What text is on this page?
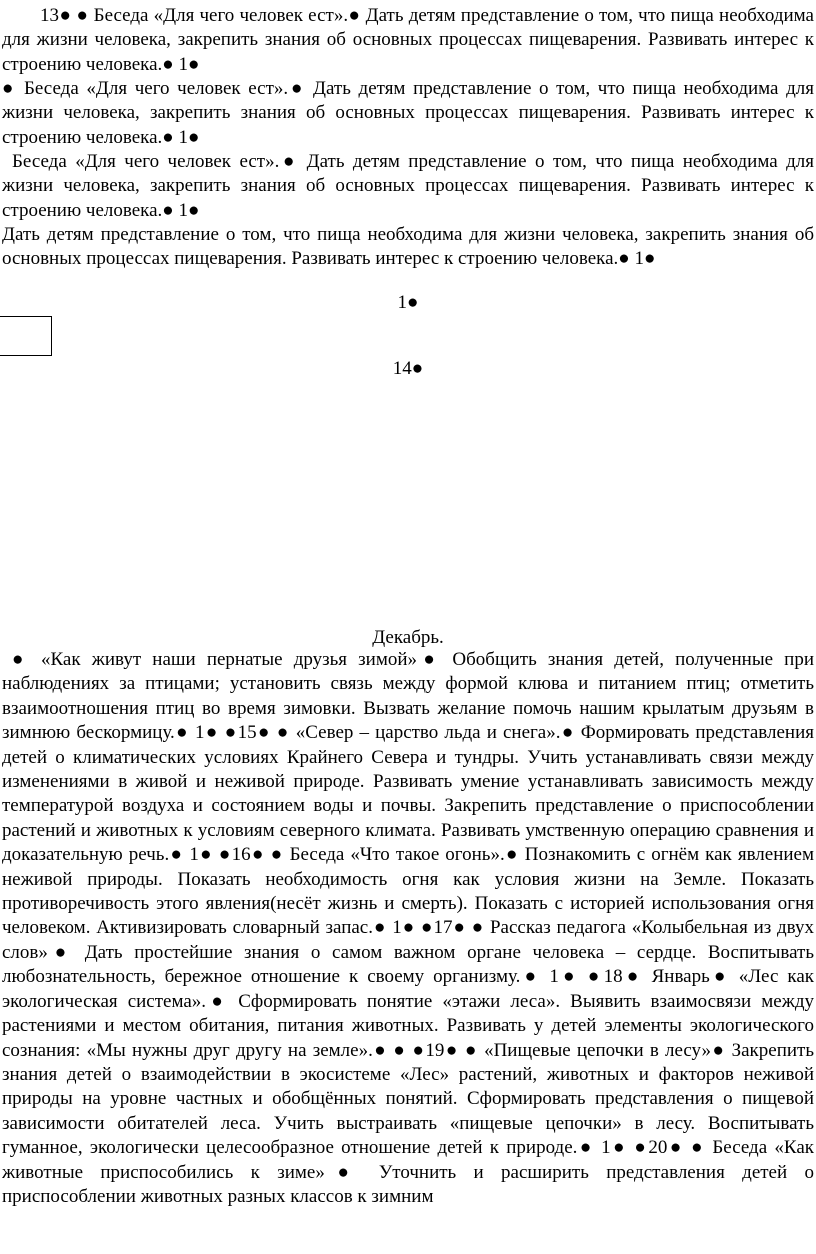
13● ● Беседа «Для чего человек ест».● Дать детям представление о том, что пища необходима для жизни человека, закрепить знания об основных процессах пищеварения. Развивать интерес к строению человека.● 1●

● Беседа «Для чего человек ест».● Дать детям представление о том, что пища необходима для жизни человека, закрепить знания об основных процессах пищеварения. Развивать интерес к строению человека.● 1●

Беседа «Для чего человек ест».● Дать детям представление о том, что пища необходима для жизни человека, закрепить знания об основных процессах пищеварения. Развивать интерес к строению человека.● 1●

Дать детям представление о том, что пища необходима для жизни человека, закрепить знания об основных процессах пищеварения. Развивать интерес к строению человека.● 1●

1●
14●
Декабрь.

● «Как живут наши пернатые друзья зимой»● Обобщить знания детей, полученные при наблюдениях за птицами; установить связь между формой клюва и питанием птиц; отметить взаимоотношения птиц во время зимовки. Вызвать желание помочь нашим крылатым друзьям в зимнюю бескормицу.● 1● ●15● ● «Север – царство льда и снега».● Формировать представления детей о климатических условиях Крайнего Севера и тундры. Учить устанавливать связи между изменениями в живой и неживой природе. Развивать умение устанавливать зависимость между температурой воздуха и состоянием воды и почвы. Закрепить представление о приспособлении растений и животных к условиям северного климата. Развивать умственную операцию сравнения и доказательную речь.● 1● ●16● ● Беседа «Что такое огонь».● Познакомить с огнём как явлением неживой природы. Показать необходимость огня как условия жизни на Земле. Показать противоречивость этого явления(несёт жизнь и смерть). Показать с историей использования огня человеком. Активизировать словарный запас.● 1● ●17● ● Рассказ педагога «Колыбельная из двух слов»● Дать простейшие знания о самом важном органе человека – сердце. Воспитывать любознательность, бережное отношение к своему организму.● 1● ●18● Январь● «Лес как экологическая система».● Сформировать понятие «этажи леса». Выявить взаимосвязи между растениями и местом обитания, питания животных. Развивать у детей элементы экологического сознания: «Мы нужны друг другу на земле».● ● ●19● ● «Пищевые цепочки в лесу»● Закрепить знания детей о взаимодействии в экосистеме «Лес» растений, животных и факторов неживой природы на уровне частных и обобщённых понятий. Сформировать представления о пищевой зависимости обитателей леса. Учить выстраивать «пищевые цепочки» в лесу. Воспитывать гуманное, экологически целесообразное отношение детей к природе.● 1● ●20● ● Беседа «Как животные приспособились к зиме»● Уточнить и расширить представления детей о приспособлении животных разных классов к зимним
